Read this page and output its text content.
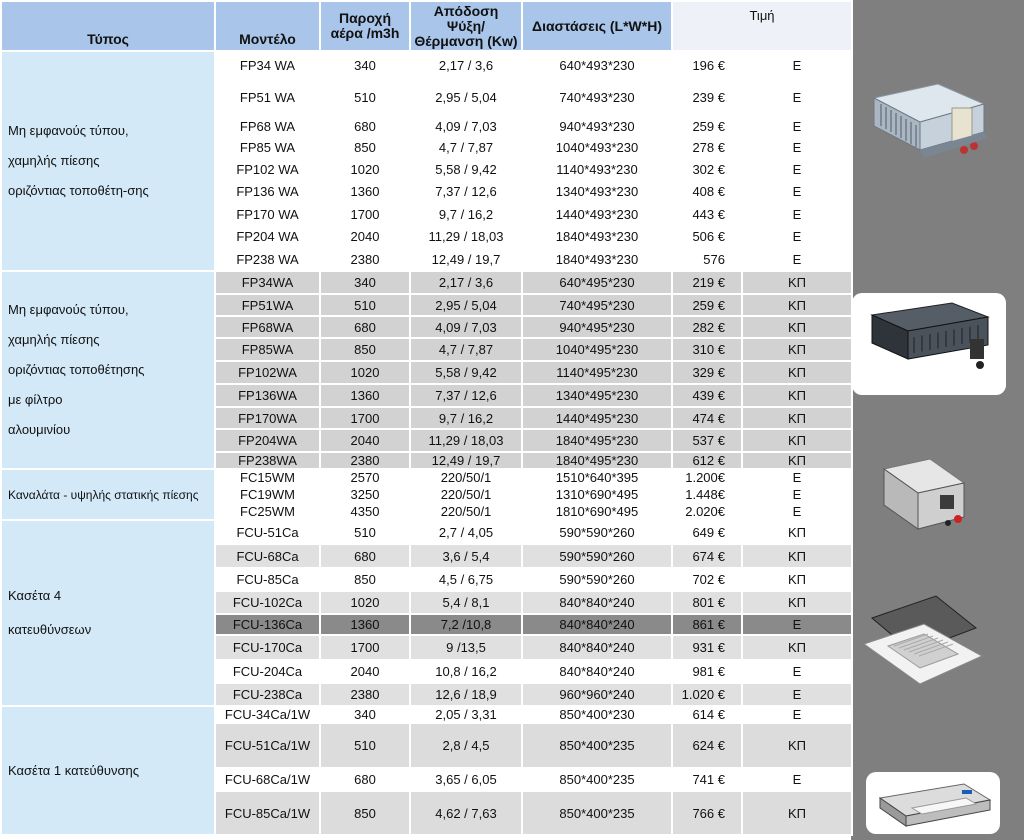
Τύπος	Μοντέλο	Παροχή αέρα /m3h	Απόδοση
Ψύξη/ Θέρμανση (Kw)	Διαστάσεις (L*W*H)	Τιμή	

Μη εμφανούς τύπου,
χαμηλής πίεσης
οριζόντιας τοποθέτη-σης	FP34 WA	340	2,17 / 3,6	640*493*230	196 €	Ε
	FP51 WA	510	2,95 / 5,04	740*493*230	239 €	Ε
	FP68 WA	680	4,09 / 7,03	940*493*230	259 €	Ε
	FP85 WA	850	4,7 / 7,87	1040*493*230	278 €	Ε
	FP102 WA	1020	5,58 / 9,42	1140*493*230	302 €	Ε
	FP136 WA	1360	7,37 / 12,6	1340*493*230	408 €	Ε
	FP170 WA	1700	9,7 / 16,2	1440*493*230	443 €	Ε
	FP204 WA	2040	11,29 / 18,03	1840*493*230	506 €	Ε
	FP238 WA	2380	12,49 / 19,7	1840*493*230	576	Ε

Μη εμφανούς τύπου,
χαμηλής πίεσης
οριζόντιας τοποθέτησης
με φίλτρο
αλουμινίου	FP34WA	340	2,17 / 3,6	640*495*230	219 €	ΚΠ
	FP51WA	510	2,95 / 5,04	740*495*230	259 €	ΚΠ
	FP68WA	680	4,09 / 7,03	940*495*230	282 €	ΚΠ
	FP85WA	850	4,7 / 7,87	1040*495*230	310 €	ΚΠ
	FP102WA	1020	5,58 / 9,42	1140*495*230	329 €	ΚΠ
	FP136WA	1360	7,37 / 12,6	1340*495*230	439 €	ΚΠ
	FP170WA	1700	9,7 / 16,2	1440*495*230	474 €	ΚΠ
	FP204WA	2040	11,29 / 18,03	1840*495*230	537 €	ΚΠ
	FP238WA	2380	12,49 / 19,7	1840*495*230	612 €	ΚΠ

Καναλάτα - υψηλής στατικής πίεσης	FC15WM	2570	220/50/1	1510*640*395	1.200€	Ε
	FC19WM	3250	220/50/1	1310*690*495	1.448€	Ε
	FC25WM	4350	220/50/1	1810*690*495	2.020€	Ε

Κασέτα 4
κατευθύνσεων	FCU-51Ca	510	2,7 / 4,05	590*590*260	649 €	ΚΠ
	FCU-68Ca	680	3,6 / 5,4	590*590*260	674 €	ΚΠ
	FCU-85Ca	850	4,5 / 6,75	590*590*260	702 €	ΚΠ
	FCU-102Ca	1020	5,4 / 8,1	840*840*240	801 €	ΚΠ
	FCU-136Ca	1360	7,2 /10,8	840*840*240	861 €	Ε
	FCU-170Ca	1700	9 /13,5	840*840*240	931 €	ΚΠ
	FCU-204Ca	2040	10,8 / 16,2	840*840*240	981 €	Ε
	FCU-238Ca	2380	12,6 / 18,9	960*960*240	1.020 €	Ε

Κασέτα 1 κατεύθυνσης	FCU-34Ca/1W	340	2,05 / 3,31	850*400*230	614 €	Ε
	FCU-51Ca/1W	510	2,8 / 4,5	850*400*235	624 €	ΚΠ
	FCU-68Ca/1W	680	3,65 / 6,05	850*400*235	741 €	Ε
	FCU-85Ca/1W	850	4,62 / 7,63	850*400*235	766 €	ΚΠ
